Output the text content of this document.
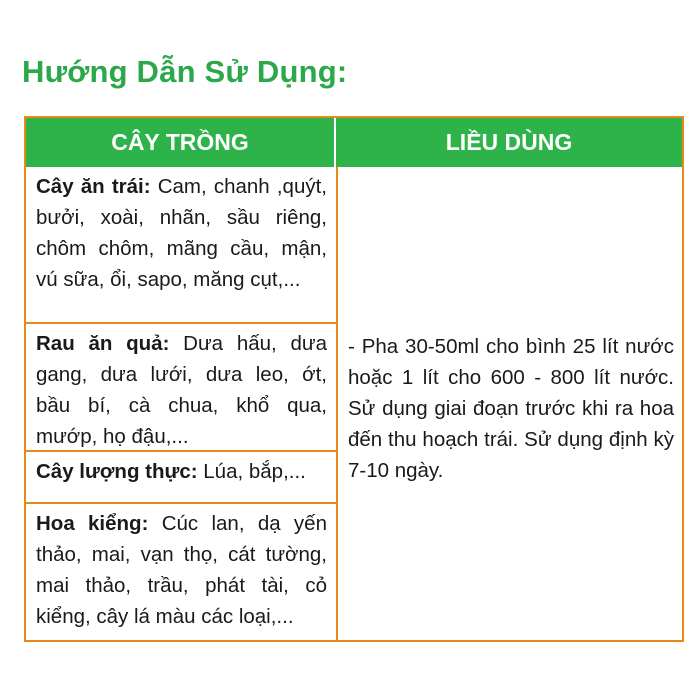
Hướng Dẫn Sử Dụng:
CÂY TRỒNG	LIỀU DÙNG
Cây ăn trái: Cam, chanh ,quýt, bưởi, xoài, nhãn, sầu riêng, chôm chôm, mãng cầu, mận, vú sữa, ổi, sapo, măng cụt,...
Rau ăn quả: Dưa hấu, dưa gang, dưa lưới, dưa leo, ớt, bầu bí, cà chua, khổ qua, mướp, họ đậu,...
Cây lượng thực: Lúa, bắp,...
Hoa kiểng: Cúc lan, dạ yến thảo, mai, vạn thọ, cát tường, mai thảo, trầu, phát tài, cỏ kiểng, cây lá màu các loại,...
- Pha 30-50ml cho bình 25 lít nước hoặc 1 lít cho 600 - 800 lít nước. Sử dụng giai đoạn trước khi ra hoa đến thu hoạch trái. Sử dụng định kỳ 7-10 ngày.
